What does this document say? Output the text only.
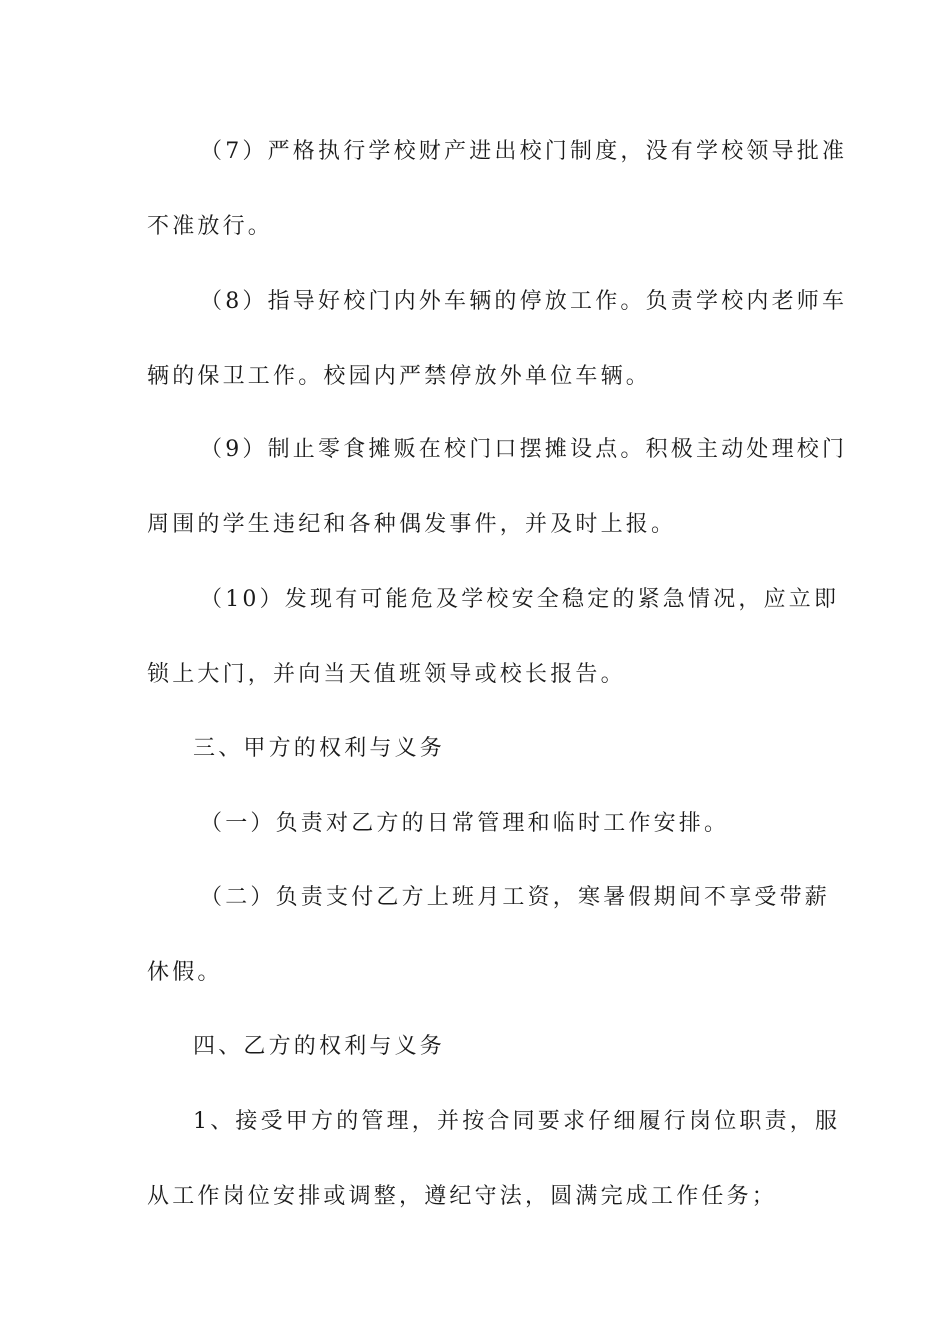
（7）严格执行学校财产进出校门制度，没有学校领导批准
不准放行。
（8）指导好校门内外车辆的停放工作。负责学校内老师车
辆的保卫工作。校园内严禁停放外单位车辆。
（9）制止零食摊贩在校门口摆摊设点。积极主动处理校门
周围的学生违纪和各种偶发事件，并及时上报。
（10）发现有可能危及学校安全稳定的紧急情况，应立即
锁上大门，并向当天值班领导或校长报告。
三、甲方的权利与义务
（一）负责对乙方的日常管理和临时工作安排。
（二）负责支付乙方上班月工资，寒暑假期间不享受带薪
休假。
四、乙方的权利与义务
1、接受甲方的管理，并按合同要求仔细履行岗位职责，服
从工作岗位安排或调整，遵纪守法，圆满完成工作任务；
